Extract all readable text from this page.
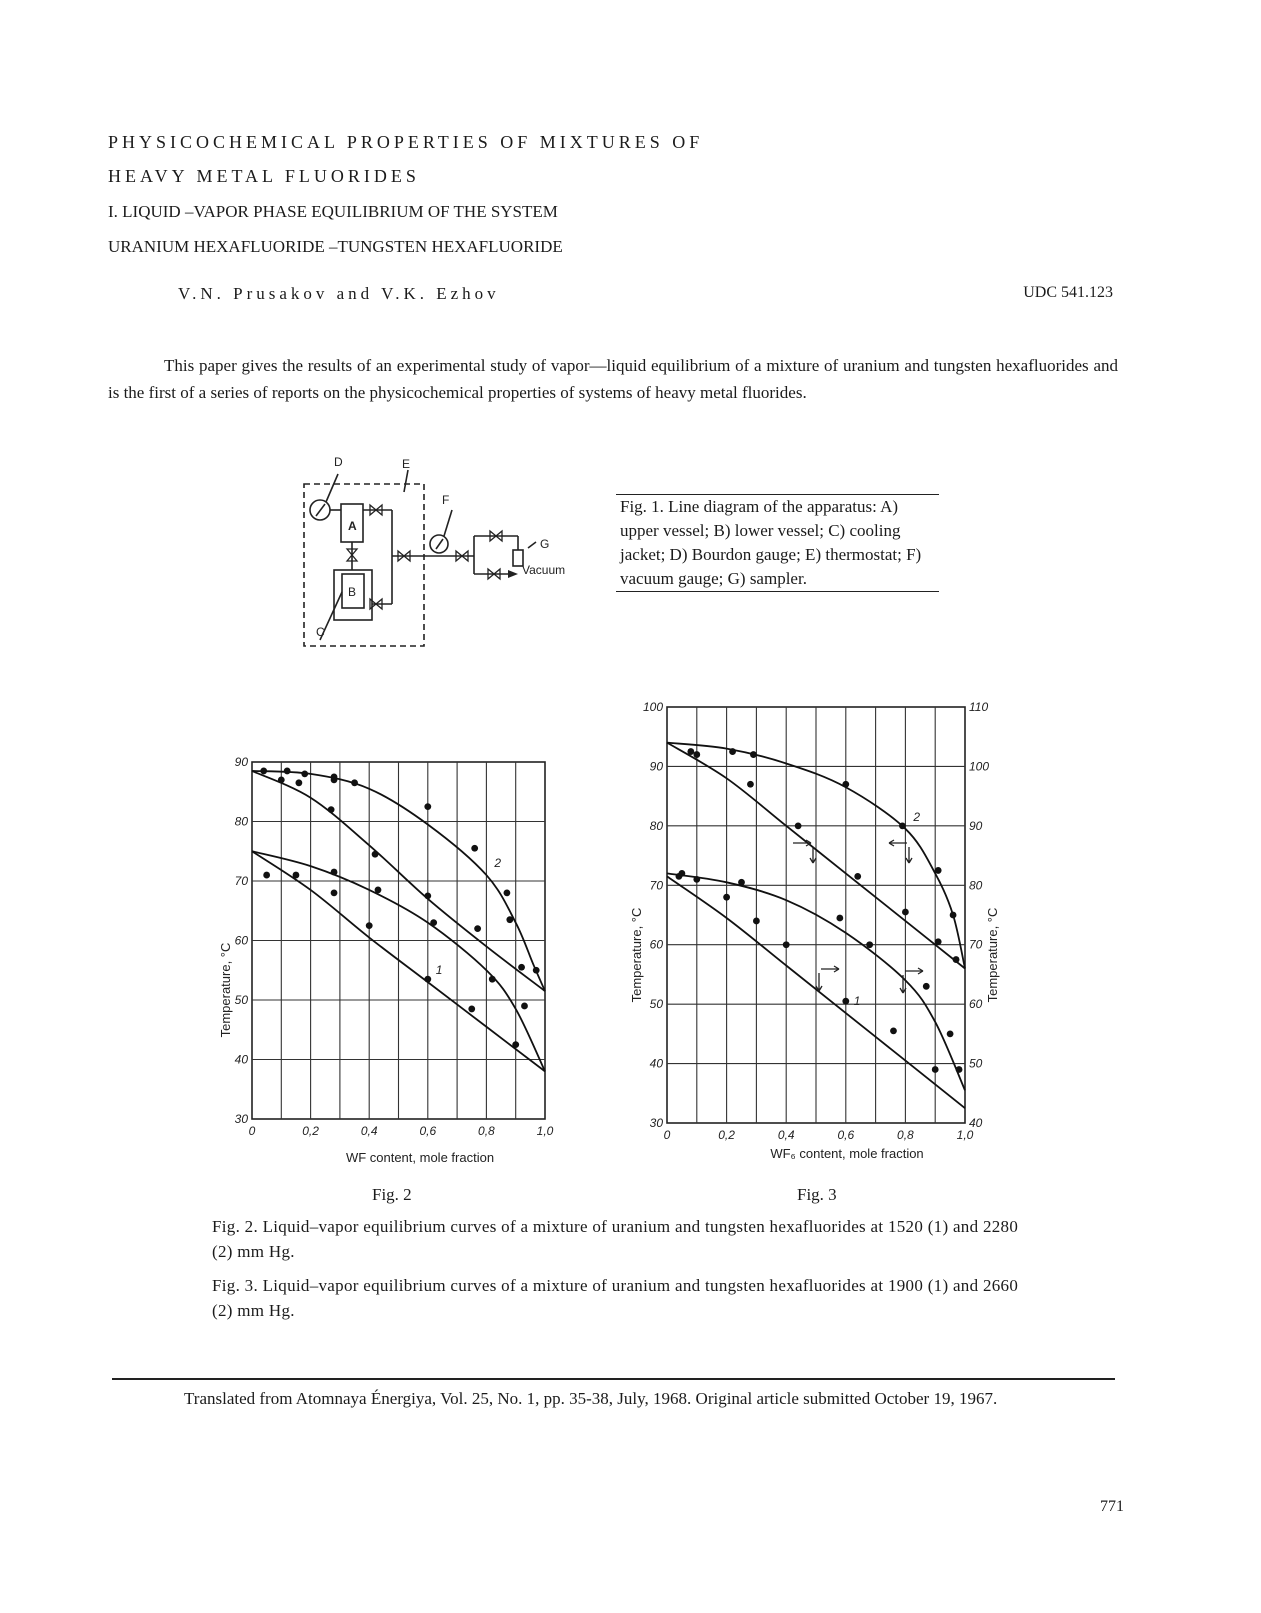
PHYSICOCHEMICAL PROPERTIES OF MIXTURES OF
HEAVY METAL FLUORIDES
I. LIQUID –VAPOR PHASE EQUILIBRIUM OF THE SYSTEM
URANIUM HEXAFLUORIDE –TUNGSTEN HEXAFLUORIDE
V.N. Prusakov and V.K. Ezhov	UDC 541.123
This paper gives the results of an experimental study of vapor—liquid equilibrium of a mixture of uranium and tungsten hexafluorides and is the first of a series of reports on the physicochemical properties of systems of heavy metal fluorides.
D	E
F
G
A
B
C
Vacuum
Fig. 1. Line diagram of the apparatus: A) upper vessel; B) lower vessel; C) cooling jacket; D) Bourdon gauge; E) thermostat; F) vacuum gauge; G) sampler.
30
40
50
60
70
80
90
0	0,2	0,4	0,6	0,8	1,0
1
2
WF content, mole fraction
Temperature, °C
Fig. 2
30	40
40	50
50	60
60	70
70	80
80	90
90	100
100	110
0	0,2	0,4	0,6	0,8	1,0
1
2
WF₆ content, mole fraction
Temperature, °C	Temperature, °C
Fig. 3
Fig. 2. Liquid–vapor equilibrium curves of a mixture of uranium and tungsten hexafluorides at 1520 (1) and 2280 (2) mm Hg.
Fig. 3. Liquid–vapor equilibrium curves of a mixture of uranium and tungsten hexafluorides at 1900 (1) and 2660 (2) mm Hg.
Translated from Atomnaya Énergiya, Vol. 25, No. 1, pp. 35-38, July, 1968. Original article submitted October 19, 1967.
771
